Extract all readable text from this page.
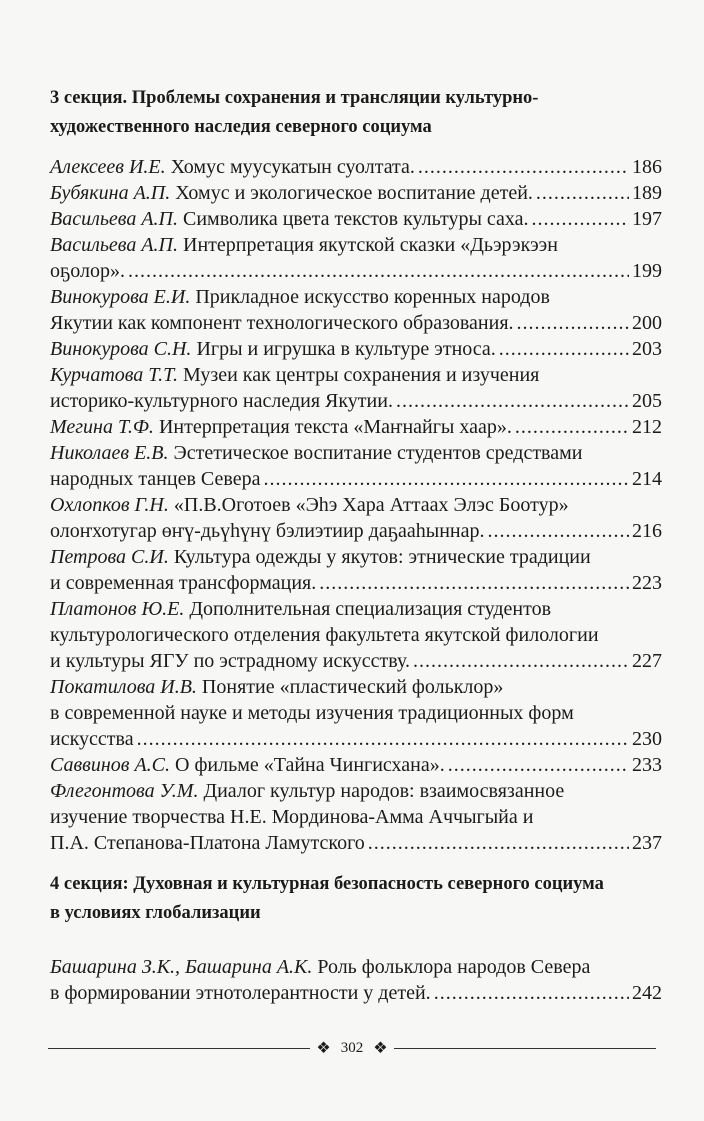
3 секция. Проблемы сохранения и трансляции культурно-

художественного наследия северного социума

Алексеев И.Е. Хомус муусукатын суолтата. .....	186
Бубякина А.П. Хомус и экологическое воспитание детей. .....	189
Васильева А.П. Символика цвета текстов культуры саха. .....	197
Васильева А.П. Интерпретация якутской сказки «Дьэрэкээн
оҕолор». .....	199
Винокурова Е.И. Прикладное искусство коренных народов
Якутии как компонент технологического образования. .....	200
Винокурова С.Н. Игры и игрушка в культуре этноса. .....	203
Курчатова Т.Т. Музеи как центры сохранения и изучения
историко-культурного наследия Якутии. .....	205
Мегина Т.Ф. Интерпретация текста «Маҥнайгы хаар». .....	212
Николаев Е.В. Эстетическое воспитание студентов средствами
народных танцев Севера .....	214
Охлопков Г.Н. «П.В.Оготоев «Эһэ Хара Аттаах Элэс Боотур»
олоҥхотугар өҥү-дьүһүнү бэлиэтиир даҕааһыннар. .....	216
Петрова С.И. Культура одежды у якутов: этнические традиции
и современная трансформация. .....	223
Платонов Ю.Е. Дополнительная специализация студентов
культурологического отделения факультета якутской филологии
и культуры ЯГУ по эстрадному искусству. .....	227
Покатилова И.В. Понятие «пластический фольклор»
в современной науке и методы изучения традиционных форм
искусства .....	230
Саввинов А.С. О фильме «Тайна Чингисхана». .....	233
Флегонтова У.М. Диалог культур народов: взаимосвязанное
изучение творчества Н.Е. Мординова-Амма Аччыгыйа и
П.А. Степанова-Платона Ламутского .....	237

4 секция: Духовная и культурная безопасность северного социума

в условиях глобализации

Башарина З.К., Башарина А.К. Роль фольклора народов Севера
в формировании этнотолерантности у детей. .....	242
❖ 302 ❖
